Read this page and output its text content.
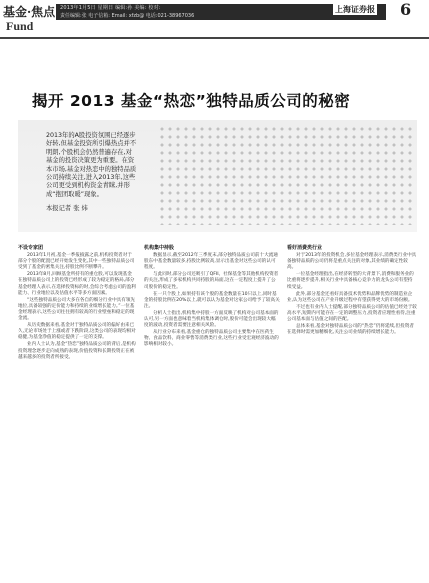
基金·焦点
Fund
2013年1月5日 星期日 编辑:孙 美编: 校对:
责任编辑:张 电子信箱: Email: xfzb@ 电话:021-38967036
上海证券报 6
揭开 2013 基金“热恋”独特品质公司的秘密

2013年的A股投资氛围已经逐步好转,但基金投资所引爆热点并不明朗,个股机会仍然普遍存在,对基金的投资决策更为重要。在资本市场,基金对热恋中的独特品质公司持续关注,进入2013年,这些公司更受到机构资金青睐,并形成“抱团取暖”现象。

本报记者 张 炜

不设专家团

2013年1月初,基金一季报披露之前,机构投资者对于部分个股的配置已经开始发生变化,其中一些独特品质公司受到了基金的密集关注,持股比例不断攀升。

2013年8月,回顾基金所持有的重仓股,可以发现基金在独特品质公司上的投资已经形成了较为稳定的格局,部分基金经理人表示,在选择投资标的时,会综合考虑公司的盈利能力、行业地位以及估值水平等多方面因素。

“这些独特品质公司大多在各自的细分行业中具有领先地位,具备较强的定价能力和持续的业绩增长能力。”一位基金经理表示,这些公司往往拥有较高的行业壁垒和稳定的现金流。

从历史数据来看,基金对于独特品质公司的偏好由来已久,无论市场处于上涨或者下跌阶段,这类公司的表现均相对稳健,为基金净值的稳定提供了一定的支撑。

业内人士认为,基金“热恋”独特品质公司的背后,是机构投资理念逐步走向成熟的表现,价值投资和长期投资正在被越来越多的投资者所接受。

机构集中持股

数据显示,截至2012年三季度末,部分独特品质公司前十大流通股东中基金数量较多,持股比例较高,显示出基金对这些公司的认可程度。

与此同时,部分公司还吸引了QFII、社保基金等其他机构投资者的关注,形成了多家机构共同持股的局面,这在一定程度上提升了公司股价的稳定性。

在一只个股上,如果持有该个股的基金数量在10只以上,同时基金的持股比例在20%以上,就可以认为基金对这家公司给予了较高关注。

分析人士指出,机构集中持股一方面反映了机构对公司基本面的认可,另一方面也意味着当机构集体调仓时,股价可能会出现较大幅度的波动,投资者需要注意相关风险。

从行业分布来看,基金重仓的独特品质公司主要集中在医药生物、食品饮料、商业零售等消费类行业,这些行业受宏观经济波动的影响相对较小。

看好消费类行业

对于2013年的投资机会,多位基金经理表示,消费类行业中具备独特品质的公司仍将是重点关注的对象,其业绩的确定性较高。

一位基金经理指出,在经济转型的大背景下,消费和服务业的比重将逐步提升,相关行业中具备核心竞争力的龙头公司有望持续受益。

此外,部分基金还看好具备技术优势和品牌优势的制造业企业,认为这些公司在产业升级过程中有望获得更大的市场份额。

不过也有业内人士提醒,部分独特品质公司的估值已经处于较高水平,短期内可能存在一定的调整压力,投资者应理性看待,注重公司基本面与估值之间的匹配。

总体来看,基金对独特品质公司的“热恋”仍将延续,但投资者在选择时需更加精细化,关注公司业绩的持续增长能力。
